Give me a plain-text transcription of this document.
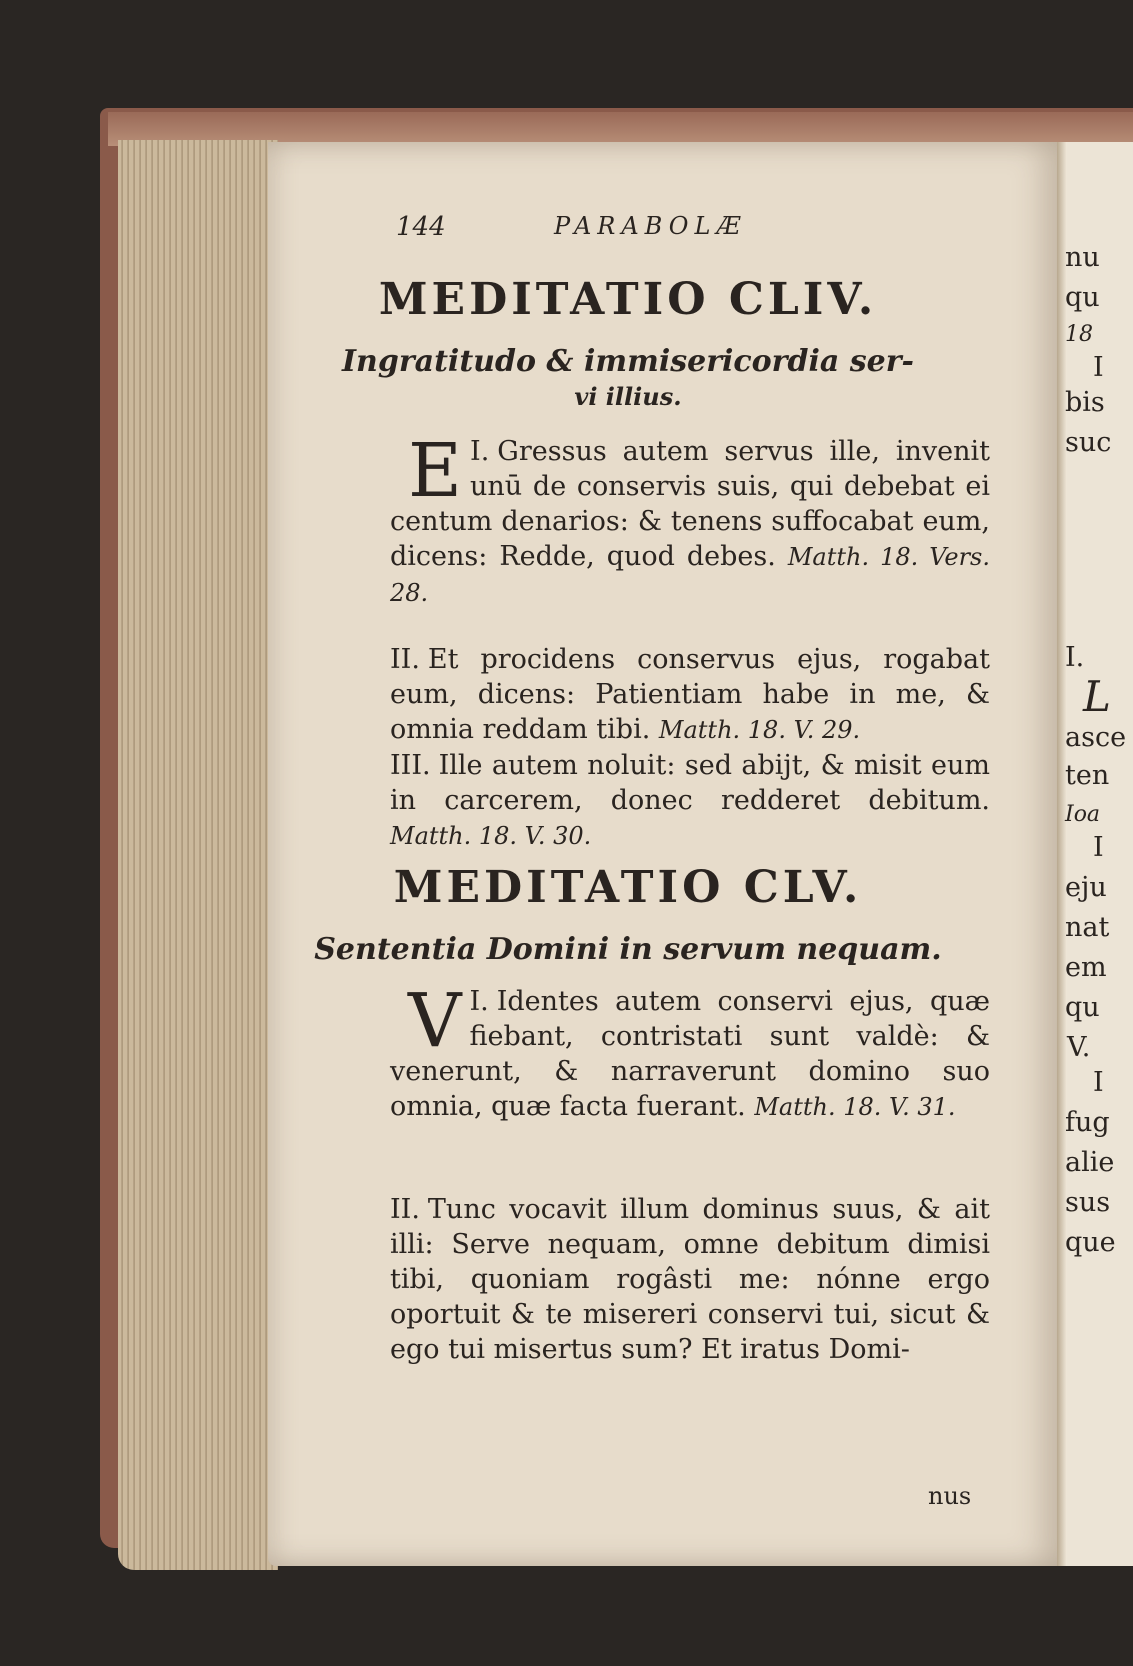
144	PARABOLÆ
MEDITATIO CLIV.
Ingratitudo & immisericordia ser-
vi illius.
I.
E Gressus autem servus ille, invenit unū de conservis suis, qui debebat ei centum denarios: & tenens suffocabat eum, dicens: Redde, quod debes. Matth. 18. Vers. 28.
II. Et procidens conservus ejus, rogabat eum, dicens: Patientiam habe in me, & omnia reddam tibi. Matth. 18. V. 29.
III. Ille autem noluit: sed abijt, & misit eum in carcerem, donec redderet debitum. Matth. 18. V. 30.
MEDITATIO CLV.
Sententia Domini in servum nequam.
I.
V Identes autem conservi ejus, quæ fiebant, contristati sunt valdè: & venerunt, & narraverunt domino suo omnia, quæ facta fuerant. Matth. 18. V. 31.
II. Tunc vocavit illum dominus suus, & ait illi: Serve nequam, omne debitum dimisi tibi, quoniam rogâsti me: nónne ergo oportuit & te misereri conservi tui, sicut & ego tui misertus sum? Et iratus Domi-
nus
nu
qu
18
I
bis
suc
I.
L
asce
ten
Ioa
I
eju
nat
em
qu
V.
I
fug
alie
sus
que
